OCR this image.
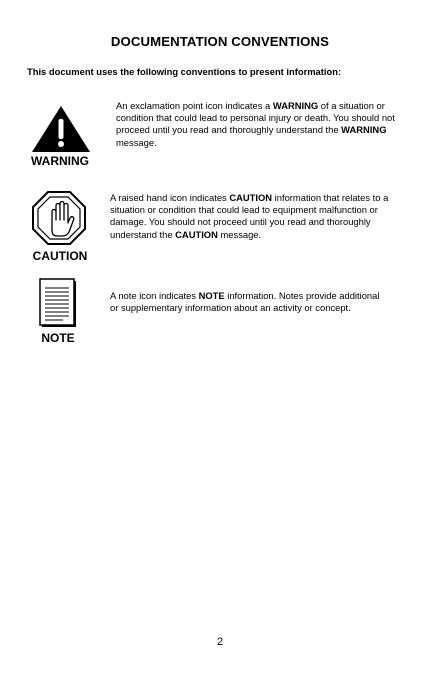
DOCUMENTATION CONVENTIONS
This document uses the following conventions to present information:
WARNING
An exclamation point icon indicates a WARNING of a situation or condition that could lead to personal injury or death. You should not proceed until you read and thoroughly understand the WARNING message.
CAUTION
A raised hand icon indicates CAUTION information that relates to a situation or condition that could lead to equipment malfunction or damage. You should not proceed until you read and thoroughly understand the CAUTION message.
NOTE
A note icon indicates NOTE information. Notes provide additional or supplementary information about an activity or concept.
2
